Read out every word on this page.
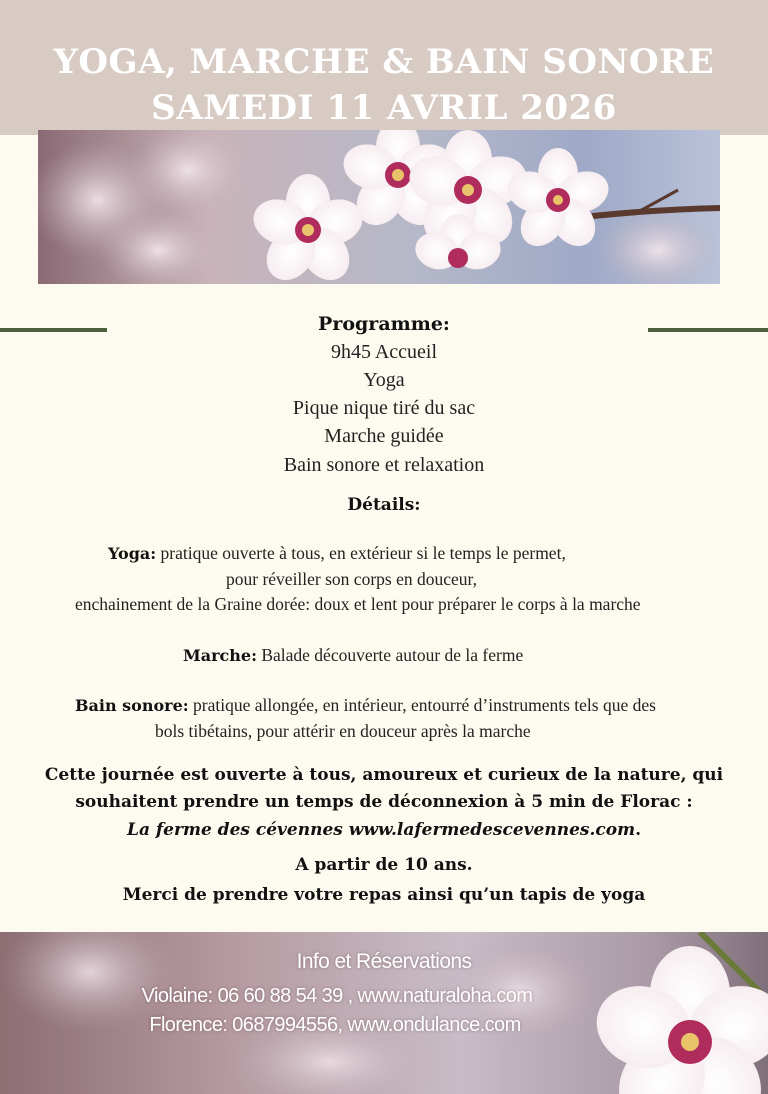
YOGA, MARCHE & BAIN SONORE
SAMEDI 11 AVRIL 2026
Programme:
9h45 Accueil
Yoga
Pique nique tiré du sac
Marche guidée
Bain sonore et relaxation
Détails:
Yoga: pratique ouverte à tous, en extérieur si le temps le permet,
pour réveiller son corps en douceur,
enchainement de la Graine dorée: doux et lent pour préparer le corps à la marche
Marche: Balade découverte autour de la ferme
Bain sonore: pratique allongée, en intérieur, entourré d’instruments tels que des
bols tibétains, pour attérir en douceur après la marche
Cette journée est ouverte à tous, amoureux et curieux de la nature, qui
souhaitent prendre un temps de déconnexion à 5 min de Florac :
La ferme des cévennes www.lafermedescevennes.com.
A partir de 10 ans.
Merci de prendre votre repas ainsi qu’un tapis de yoga
Info et Réservations
Violaine: 06 60 88 54 39 , www.naturaloha.com
Florence: 0687994556, www.ondulance.com
